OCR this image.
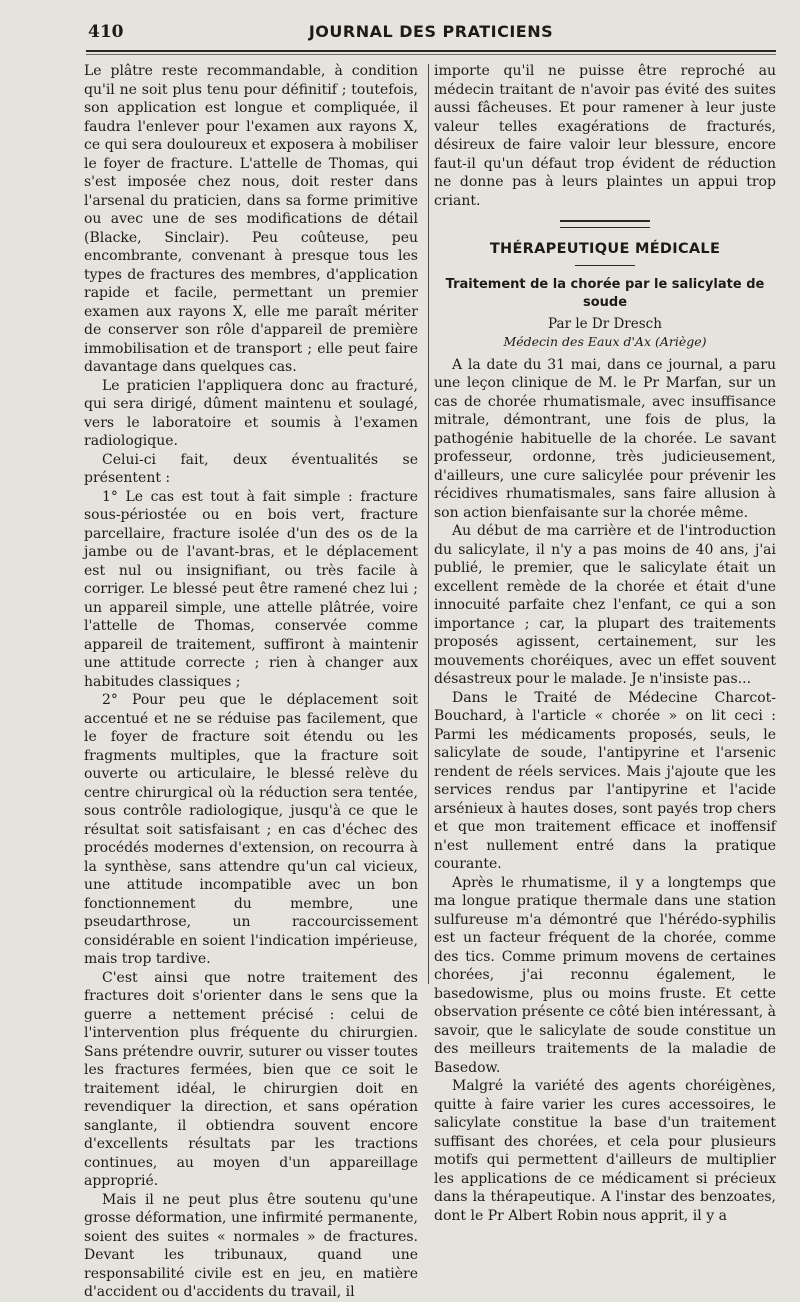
410	JOURNAL DES PRATICIENS

Le plâtre reste recommandable, à condition qu'il ne soit plus tenu pour définitif ; toutefois, son application est longue et compliquée, il faudra l'enlever pour l'examen aux rayons X, ce qui sera douloureux et exposera à mobiliser le foyer de fracture. L'attelle de Thomas, qui s'est imposée chez nous, doit rester dans l'arsenal du praticien, dans sa forme primitive ou avec une de ses modifications de détail (Blacke, Sinclair). Peu coûteuse, peu encombrante, convenant à presque tous les types de fractures des membres, d'application rapide et facile, permettant un premier examen aux rayons X, elle me paraît mériter de conserver son rôle d'appareil de première immobilisation et de transport ; elle peut faire davantage dans quelques cas.

Le praticien l'appliquera donc au fracturé, qui sera dirigé, dûment maintenu et soulagé, vers le laboratoire et soumis à l'examen radiologique.

Celui-ci fait, deux éventualités se présentent :

1° Le cas est tout à fait simple : fracture sous-périostée ou en bois vert, fracture parcellaire, fracture isolée d'un des os de la jambe ou de l'avant-bras, et le déplacement est nul ou insignifiant, ou très facile à corriger. Le blessé peut être ramené chez lui ; un appareil simple, une attelle plâtrée, voire l'attelle de Thomas, conservée comme appareil de traitement, suffiront à maintenir une attitude correcte ; rien à changer aux habitudes classiques ;

2° Pour peu que le déplacement soit accentué et ne se réduise pas facilement, que le foyer de fracture soit étendu ou les fragments multiples, que la fracture soit ouverte ou articulaire, le blessé relève du centre chirurgical où la réduction sera tentée, sous contrôle radiologique, jusqu'à ce que le résultat soit satisfaisant ; en cas d'échec des procédés modernes d'extension, on recourra à la synthèse, sans attendre qu'un cal vicieux, une attitude incompatible avec un bon fonctionnement du membre, une pseudarthrose, un raccourcissement considérable en soient l'indication impérieuse, mais trop tardive.

C'est ainsi que notre traitement des fractures doit s'orienter dans le sens que la guerre a nettement précisé : celui de l'intervention plus fréquente du chirurgien. Sans prétendre ouvrir, suturer ou visser toutes les fractures fermées, bien que ce soit le traitement idéal, le chirurgien doit en revendiquer la direction, et sans opération sanglante, il obtiendra souvent encore d'excellents résultats par les tractions continues, au moyen d'un appareillage approprié.

Mais il ne peut plus être soutenu qu'une grosse déformation, une infirmité permanente, soient des suites « normales » de fractures. Devant les tribunaux, quand une responsabilité civile est en jeu, en matière d'accident ou d'accidents du travail, il

importe qu'il ne puisse être reproché au médecin traitant de n'avoir pas évité des suites aussi fâcheuses. Et pour ramener à leur juste valeur telles exagérations de fracturés, désireux de faire valoir leur blessure, encore faut-il qu'un défaut trop évident de réduction ne donne pas à leurs plaintes un appui trop criant.

THÉRAPEUTIQUE MÉDICALE
Traitement de la chorée par le salicylate de soude
Par le Dr Dresch
Médecin des Eaux d'Ax (Ariège)

A la date du 31 mai, dans ce journal, a paru une leçon clinique de M. le Pr Marfan, sur un cas de chorée rhumatismale, avec insuffisance mitrale, démontrant, une fois de plus, la pathogénie habituelle de la chorée. Le savant professeur, ordonne, très judicieusement, d'ailleurs, une cure salicylée pour prévenir les récidives rhumatismales, sans faire allusion à son action bienfaisante sur la chorée même.

Au début de ma carrière et de l'introduction du salicylate, il n'y a pas moins de 40 ans, j'ai publié, le premier, que le salicylate était un excellent remède de la chorée et était d'une innocuité parfaite chez l'enfant, ce qui a son importance ; car, la plupart des traitements proposés agissent, certainement, sur les mouvements choréiques, avec un effet souvent désastreux pour le malade. Je n'insiste pas...

Dans le Traité de Médecine Charcot-Bouchard, à l'article « chorée » on lit ceci : Parmi les médicaments proposés, seuls, le salicylate de soude, l'antipyrine et l'arsenic rendent de réels services. Mais j'ajoute que les services rendus par l'antipyrine et l'acide arsénieux à hautes doses, sont payés trop chers et que mon traitement efficace et inoffensif n'est nullement entré dans la pratique courante.

Après le rhumatisme, il y a longtemps que ma longue pratique thermale dans une station sulfureuse m'a démontré que l'hérédo-syphilis est un facteur fréquent de la chorée, comme des tics. Comme primum movens de certaines chorées, j'ai reconnu également, le basedowisme, plus ou moins fruste. Et cette observation présente ce côté bien intéressant, à savoir, que le salicylate de soude constitue un des meilleurs traitements de la maladie de Basedow.

Malgré la variété des agents choréigènes, quitte à faire varier les cures accessoires, le salicylate constitue la base d'un traitement suffisant des chorées, et cela pour plusieurs motifs qui permettent d'ailleurs de multiplier les applications de ce médicament si précieux dans la thérapeutique. A l'instar des benzoates, dont le Pr Albert Robin nous apprit, il y a
